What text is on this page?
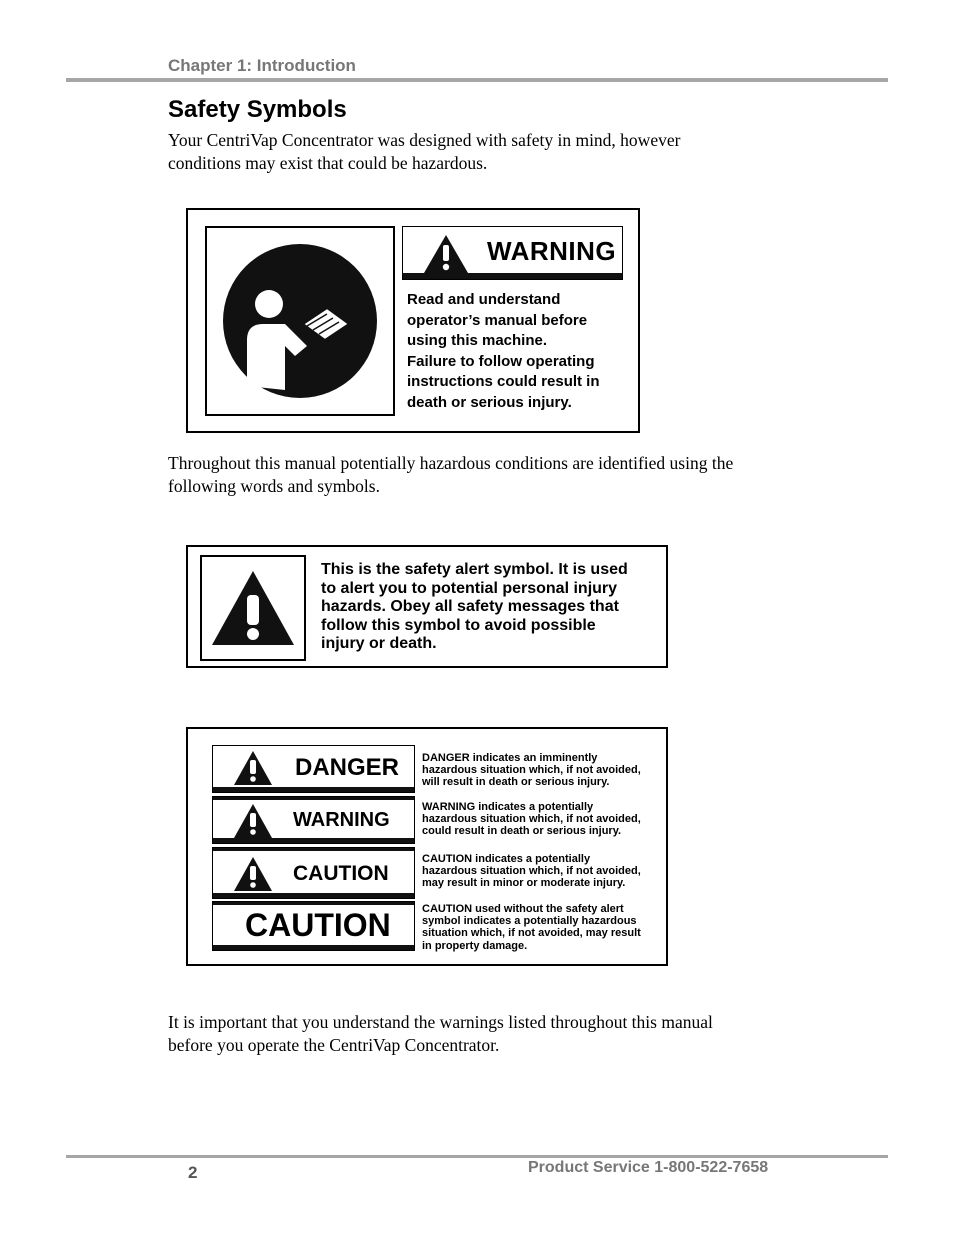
Chapter 1: Introduction
Safety Symbols
Your CentriVap Concentrator was designed with safety in mind, however
conditions may exist that could be hazardous.
WARNING
Read and understand
operator’s manual before
using this machine.
Failure to follow operating
instructions could result in
death or serious injury.
Throughout this manual potentially hazardous conditions are identified using the
following words and symbols.
This is the safety alert symbol. It is used
to alert you to potential personal injury
hazards. Obey all safety messages that
follow this symbol to avoid possible
injury or death.
DANGER DANGER indicates an imminently
hazardous situation which, if not avoided,
will result in death or serious injury.
WARNING
WARNING indicates a potentially
hazardous situation which, if not avoided,
could result in death or serious injury.
CAUTION
CAUTION indicates a potentially
hazardous situation which, if not avoided,
may result in minor or moderate injury.
CAUTION	CAUTION used without the safety alert
symbol indicates a potentially hazardous
situation which, if not avoided, may result
in property damage.
It is important that you understand the warnings listed throughout this manual
before you operate the CentriVap Concentrator.
2	Product Service 1-800-522-7658
